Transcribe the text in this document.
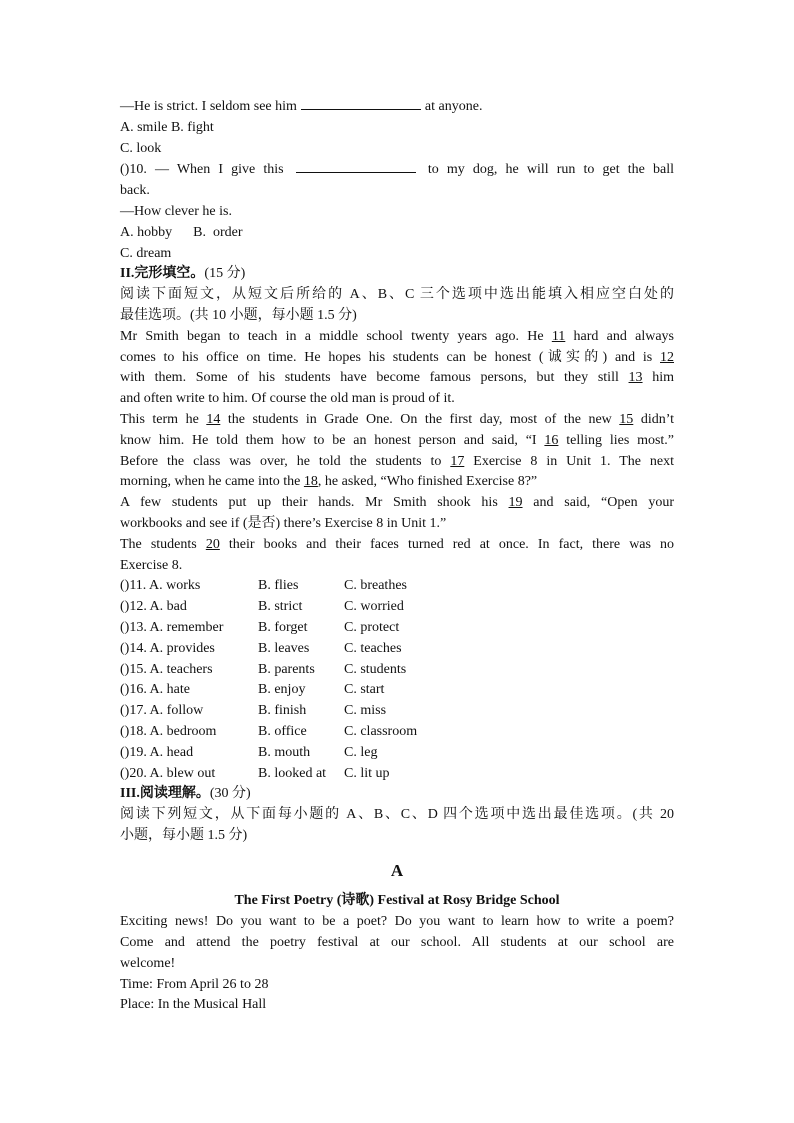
—He is strict. I seldom see him	at anyone.
A. smile B. fight
C. look
()10. — When I give this	to my dog, he will run to get the ball
back.
—How clever he is.
A. hobby      B.  order
C. dream
II.完形填空。(15 分)
阅读下面短文，从短文后所给的 A、B、C 三个选项中选出能填入相应空白处的
最佳选项。(共 10 小题，每小题 1.5 分)
Mr Smith began to teach in a middle school twenty years ago. He 11 hard and always
comes to his office on time. He hopes his students can be honest (诚实的) and is 12
with them. Some of his students have become famous persons, but they still 13 him
and often write to him. Of course the old man is proud of it.
This term he 14 the students in Grade One. On the first day, most of the new 15 didn’t
know him. He told them how to be an honest person and said, “I 16 telling lies most.”
Before the class was over, he told the students to 17 Exercise 8 in Unit 1. The next
morning, when he came into the 18, he asked, “Who finished Exercise 8?”
A few students put up their hands. Mr Smith shook his 19 and said, “Open your
workbooks and see if (是否) there’s Exercise 8 in Unit 1.”
The students 20 their books and their faces turned red at once. In fact, there was no
Exercise 8.
()11. A. works	B. flies	C. breathes
()12. A. bad	B. strict	C. worried
()13. A. remember	B. forget	C. protect
()14. A. provides	B. leaves	C. teaches
()15. A. teachers	B. parents	C. students
()16. A. hate	B. enjoy	C. start
()17. A. follow	B. finish	C. miss
()18. A. bedroom	B. office	C. classroom
()19. A. head	B. mouth	C. leg
()20. A. blew out	B. looked at	C. lit up
III.阅读理解。(30 分)
阅读下列短文，从下面每小题的 A、B、C、D 四个选项中选出最佳选项。(共 20
小题，每小题 1.5 分)
A
The First Poetry (诗歌) Festival at Rosy Bridge School
Exciting news! Do you want to be a poet? Do you want to learn how to write a poem?
Come and attend the poetry festival at our school. All students at our school are
welcome!
Time: From April 26 to 28
Place: In the Musical Hall
